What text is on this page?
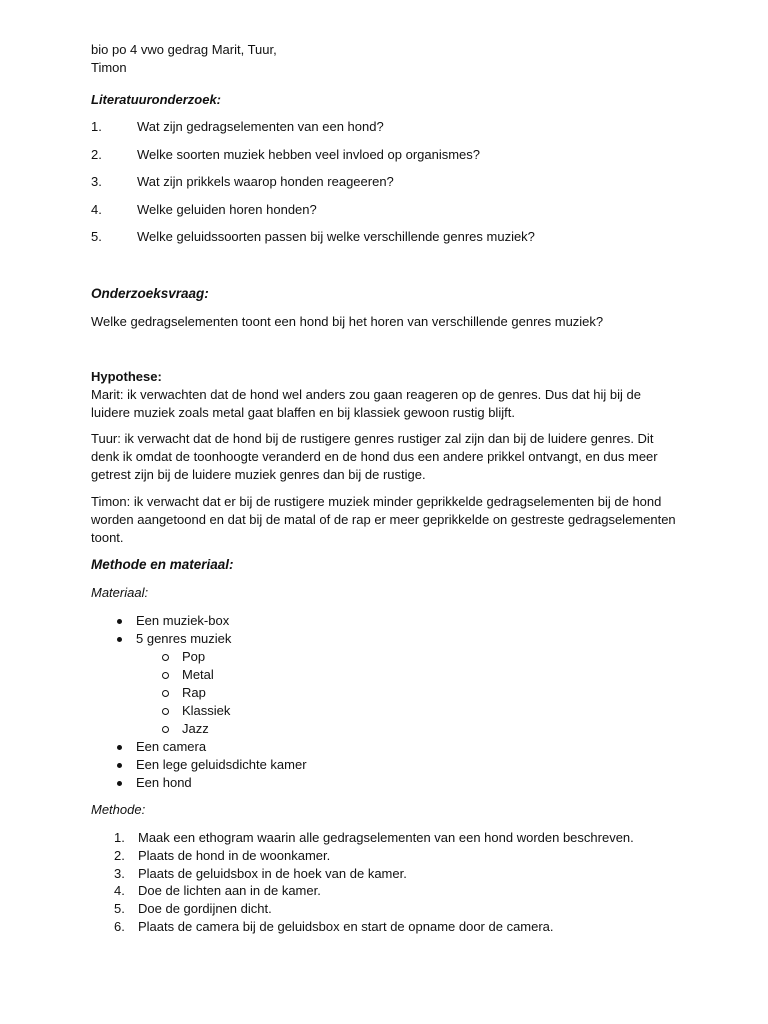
bio po 4 vwo gedrag Marit, Tuur,
Timon
Literatuuronderzoek:
1.	Wat zijn gedragselementen van een hond?
2.	Welke soorten muziek hebben veel invloed op organismes?
3.	Wat zijn prikkels waarop honden reageeren?
4.	Welke geluiden horen honden?
5.	Welke geluidssoorten passen bij welke verschillende genres muziek?
Onderzoeksvraag:
Welke gedragselementen toont een hond bij het horen van verschillende genres muziek?
Hypothese:
Marit: ik verwachten dat de hond wel anders zou gaan reageren op de genres. Dus dat hij bij de
luidere muziek zoals metal gaat blaffen en bij klassiek gewoon rustig blijft.
Tuur: ik verwacht dat de hond bij de rustigere genres rustiger zal zijn dan bij de luidere genres. Dit
denk ik omdat de toonhoogte veranderd en de hond dus een andere prikkel ontvangt, en dus meer
getrest zijn bij de luidere muziek genres dan bij de rustige.
Timon: ik verwacht dat er bij de rustigere muziek minder geprikkelde gedragselementen bij de hond
worden aangetoond en dat bij de matal of de rap er meer geprikkelde on gestreste gedragselementen
toont.
Methode en materiaal:
Materiaal:
Een muziek-box
5 genres muziek
Pop
Metal
Rap
Klassiek
Jazz
Een camera
Een lege geluidsdichte kamer
Een hond
Methode:
1. Maak een ethogram waarin alle gedragselementen van een hond worden beschreven.
2. Plaats de hond in de woonkamer.
3. Plaats de geluidsbox in de hoek van de kamer.
4. Doe de lichten aan in de kamer.
5. Doe de gordijnen dicht.
6. Plaats de camera bij de geluidsbox en start de opname door de camera.
